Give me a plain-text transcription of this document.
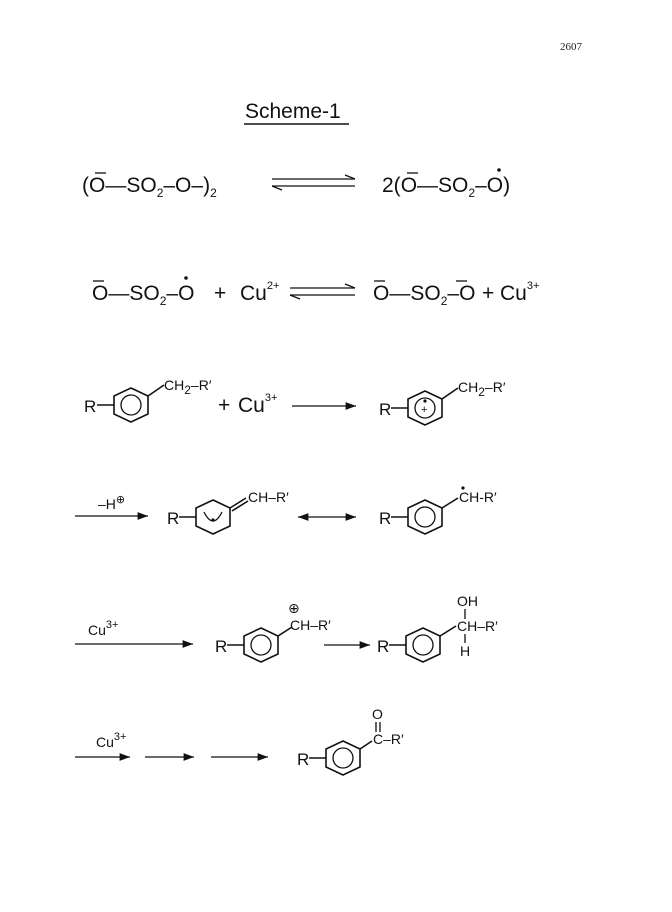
2607
Scheme-1
$(O—SO_2-O-)_2$	$2(O—SO_2-O)$
$O—SO_2-O + Cu^{2+}$	$O—SO_2-O + Cu^{3+}$
R
CH2–R′
+ $Cu^{3+}$
R	+
CH2–R′
–H⊕
R
CH–R′
R
CH-R′
$Cu^{3+}$
R
⊕
CH–R′
R
OH
CH–R′
H
$Cu^{3+}$
R
O
C–R′
